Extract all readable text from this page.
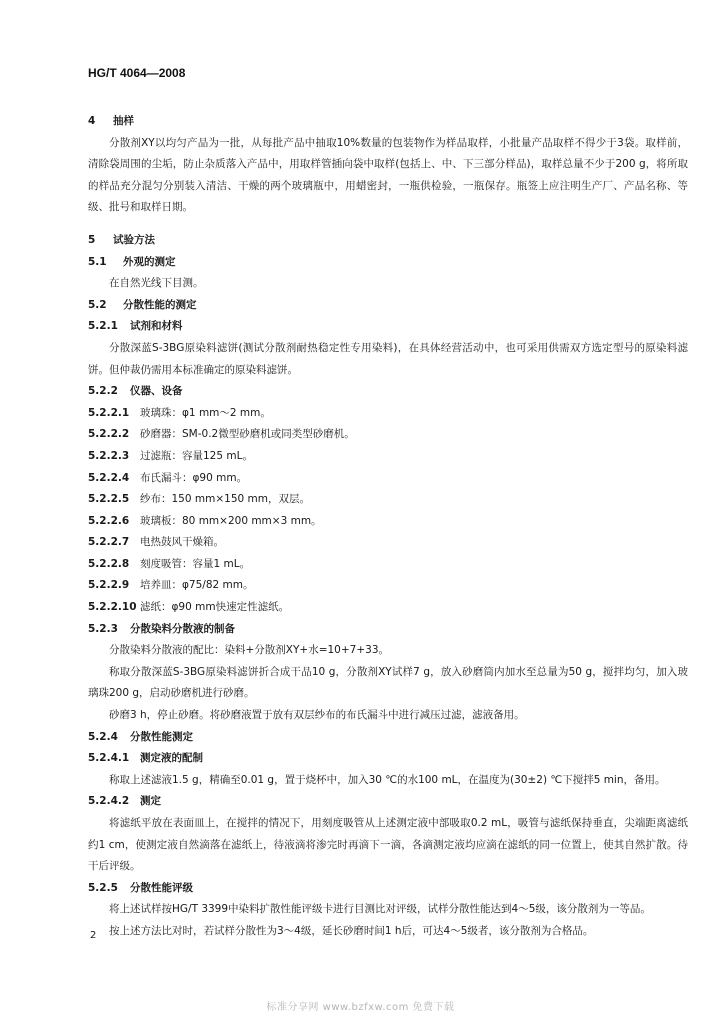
HG/T 4064—2008
4 抽样
分散剂XY以均匀产品为一批，从每批产品中抽取10%数量的包装物作为样品取样，小批量产品取样不得少于3袋。取样前，清除袋周围的尘垢，防止杂质落入产品中，用取样管插向袋中取样(包括上、中、下三部分样品)，取样总量不少于200 g，将所取的样品充分混匀分别装入清洁、干燥的两个玻璃瓶中，用蜡密封，一瓶供检验，一瓶保存。瓶签上应注明生产厂、产品名称、等级、批号和取样日期。
5 试验方法
5.1 外观的测定
在自然光线下目测。
5.2 分散性能的测定
5.2.1 试剂和材料
分散深蓝S-3BG原染料滤饼(测试分散剂耐热稳定性专用染料)，在具体经营活动中，也可采用供需双方选定型号的原染料滤饼。但仲裁仍需用本标准确定的原染料滤饼。
5.2.2 仪器、设备
5.2.2.1 玻璃珠：φ1 mm～2 mm。
5.2.2.2 砂磨器：SM-0.2微型砂磨机或同类型砂磨机。
5.2.2.3 过滤瓶：容量125 mL。
5.2.2.4 布氏漏斗：φ90 mm。
5.2.2.5 纱布：150 mm×150 mm，双层。
5.2.2.6 玻璃板：80 mm×200 mm×3 mm。
5.2.2.7 电热鼓风干燥箱。
5.2.2.8 刻度吸管：容量1 mL。
5.2.2.9 培养皿：φ75/82 mm。
5.2.2.10 滤纸：φ90 mm快速定性滤纸。
5.2.3 分散染料分散液的制备
分散染料分散液的配比：染料+分散剂XY+水=10+7+33。
称取分散深蓝S-3BG原染料滤饼折合成干品10 g，分散剂XY试样7 g，放入砂磨筒内加水至总量为50 g，搅拌均匀，加入玻璃珠200 g，启动砂磨机进行砂磨。
砂磨3 h，停止砂磨。将砂磨液置于放有双层纱布的布氏漏斗中进行减压过滤，滤液备用。
5.2.4 分散性能测定
5.2.4.1 测定液的配制
称取上述滤液1.5 g，精确至0.01 g，置于烧杯中，加入30 ℃的水100 mL，在温度为(30±2) ℃下搅拌5 min，备用。
5.2.4.2 测定
将滤纸平放在表面皿上，在搅拌的情况下，用刻度吸管从上述测定液中部吸取0.2 mL，吸管与滤纸保持垂直，尖端距离滤纸约1 cm，使测定液自然滴落在滤纸上，待液滴将渗完时再滴下一滴，各滴测定液均应滴在滤纸的同一位置上，使其自然扩散。待干后评级。
5.2.5 分散性能评级
将上述试样按HG/T 3399中染料扩散性能评级卡进行目测比对评级，试样分散性能达到4～5级，该分散剂为一等品。
按上述方法比对时，若试样分散性为3～4级，延长砂磨时间1 h后，可达4～5级者，该分散剂为合格品。
2
标准分享网 www.bzfxw.com 免费下载
